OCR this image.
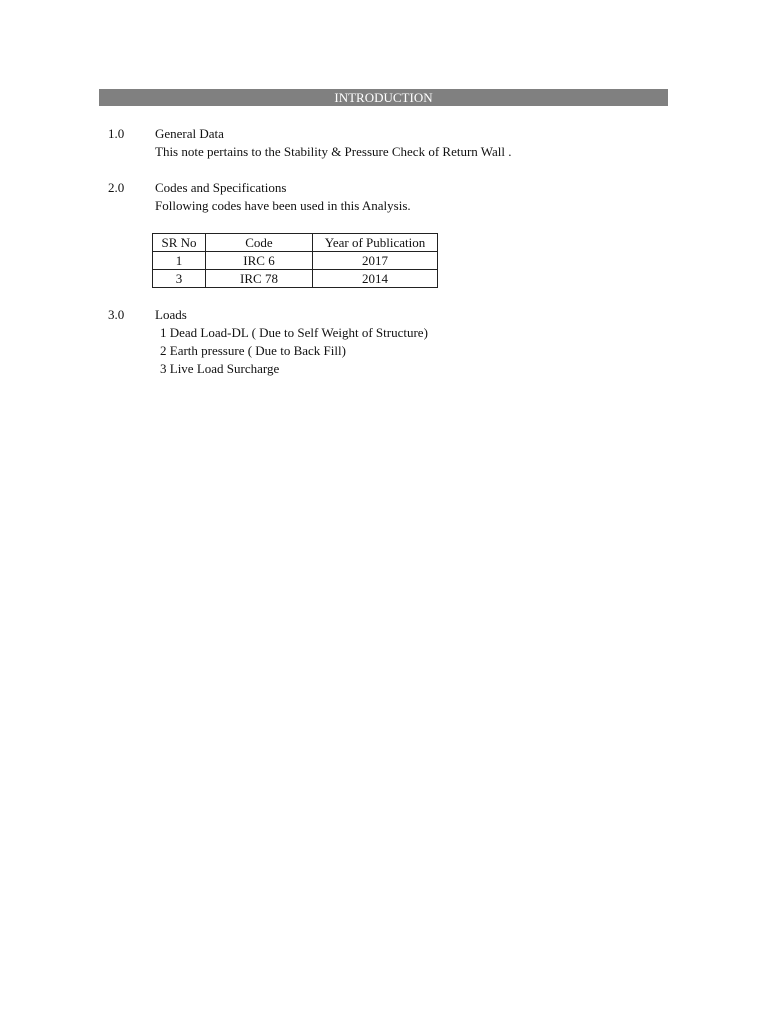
INTRODUCTION
1.0 General Data
This note pertains to the Stability & Pressure Check of Return Wall .
2.0 Codes and Specifications
Following codes have been used in this Analysis.
SR No	Code	Year of Publication
1	IRC 6	2017
3	IRC 78	2014
3.0 Loads
1 Dead Load-DL ( Due to Self Weight of Structure)
2 Earth pressure ( Due to Back Fill)
3 Live Load Surcharge
